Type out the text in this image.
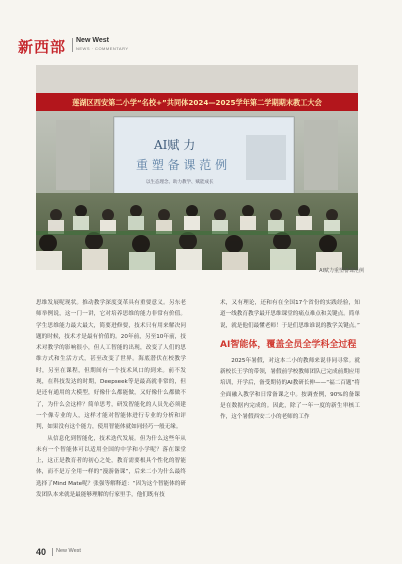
新西部 New West
NEWS · COMMENTARY
莲湖区西安第二小学“名校+”共同体2024—2025学年第二学期期末教工大会
AI赋 力
重 塑 备 课 范 例
以生态理念、助力教学、赋能成长
AI赋力重塑备课范例

思维发展呢现状。推动教学深度变革具有重要意义。另东老师举例说，这一门一讲，它对培养思维的能力非常有价值。学生思维能力最大最大，简要进修要，技术只有用来解决问题的时候，技术才是最有价值的。20年前，另至10年前，技术对教学的影响很小，但人工智能的出现，改变了人们的思维方式和生活方式，甚至改变了世界。海底潜伏在校教学时，另至在课程，但期间有一个技术风口的到来。前不发现，在科技发达的时期，Deepseek等是最高就非常的，但是还有通用的大模型，好像什么都能做，又好像什么都做不了，为什么会这样？简单思考，研发智能化的人员先必须建一个像专业的人，这样才能对智能体进行专业的分析和评判，如果没有这个能力，使用智能体就如同轻巧一般无缘。

从信息化到智能化，技术迭代发展。但为什么这些年从未有一个智能体可以适用全国的中学和小学呢？落在课堂上，这正是教育者的初心之处，教育需要根具个性化的智能体，而不是万全用一样的“漫游备课”，后来二小为什么最终选择了Mind Mate呢？张强等解释道：“因为这个智能体的研发团队本来就是最能够理解的行家里手，他们既有技

术，又有理论，还和有在全国17个省份的实践经验，知道一线教育教学最开思维课堂的痛点难点和关键点。简单说，就是他们最懂老师！于是们思维谁说的教学关键点。”

AI智能体，覆盖全员全学科全过程

2025年暑假，对这本二小的教师来说非同寻常。就新校长王学的带领，暑假前学校教师团队已完成前期应用培训，开学后，备受期待的AI教研长伸——“福二百题”将全面融入教学和日常备课之中。按调查例，90%的备课是在数据内完成的。因此，除了一年一度的新生审核工作，这个暑假西安二小的老师的工作

40 New West
